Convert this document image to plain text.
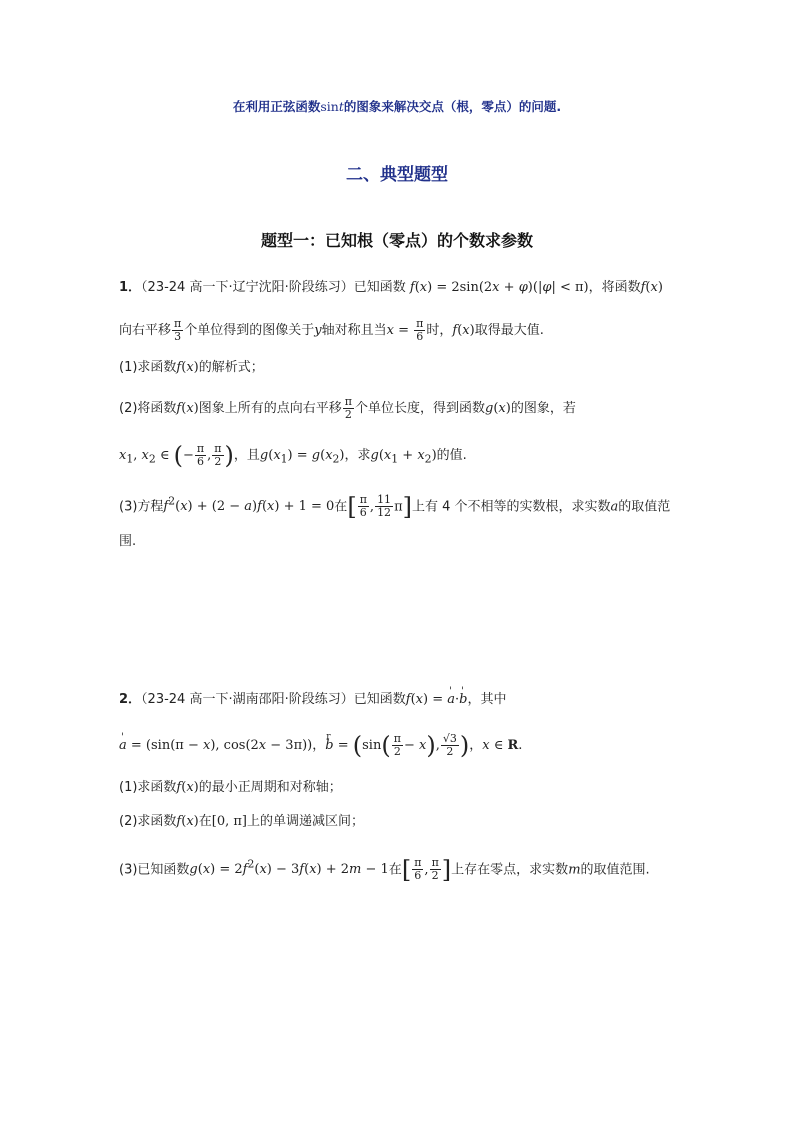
在利用正弦函数sint的图象来解决交点（根，零点）的问题.
二、典型题型
题型一：已知根（零点）的个数求参数
1．（23-24 高一下·辽宁沈阳·阶段练习）已知函数 f(x) = 2sin(2x + φ)(|φ| < π)，将函数f(x)
向右平移 $\frac{\pi}{3}$ 个单位得到的图像关于y轴对称且当$x = \frac{\pi}{6}$ 时，f(x)取得最大值.
(1)求函数f(x)的解析式；
(2)将函数f(x)图象上所有的点向右平移 $\frac{\pi}{2}$ 个单位长度，得到函数g(x)的图象，若
$x_1$, $x_2$ ∈ (− $\frac{\pi}{6}$ , $\frac{\pi}{2}$ )，且$g(x_1) = g(x_2)$，求$g(x_1 + x_2)$的值.
(3)方程$f^2(x) + (2 - a)f(x) + 1 = 0$在[ $\frac{\pi}{6}$ , $\frac{11}{12} \pi$]上有 4 个不相等的实数根，求实数a的取值范
围.
2．（23-24 高一下·湖南邵阳·阶段练习）已知函数f(x) = ' a·' b，其中
' a = (sin(π − x), cos(2x − 3π))，r $b = (\sin( \frac{\pi}{2} - x)$, $\frac{√3}{2}$ )，x ∈ R.
(1)求函数f(x)的最小正周期和对称轴；
(2)求函数f(x)在[0, π]上的单调递减区间；
(3)已知函数$g(x) = 2f^2(x) - 3f(x) + 2m - 1$在[ $\frac{\pi}{6}$ , $\frac{\pi}{2}$ ]上存在零点，求实数m的取值范围.
